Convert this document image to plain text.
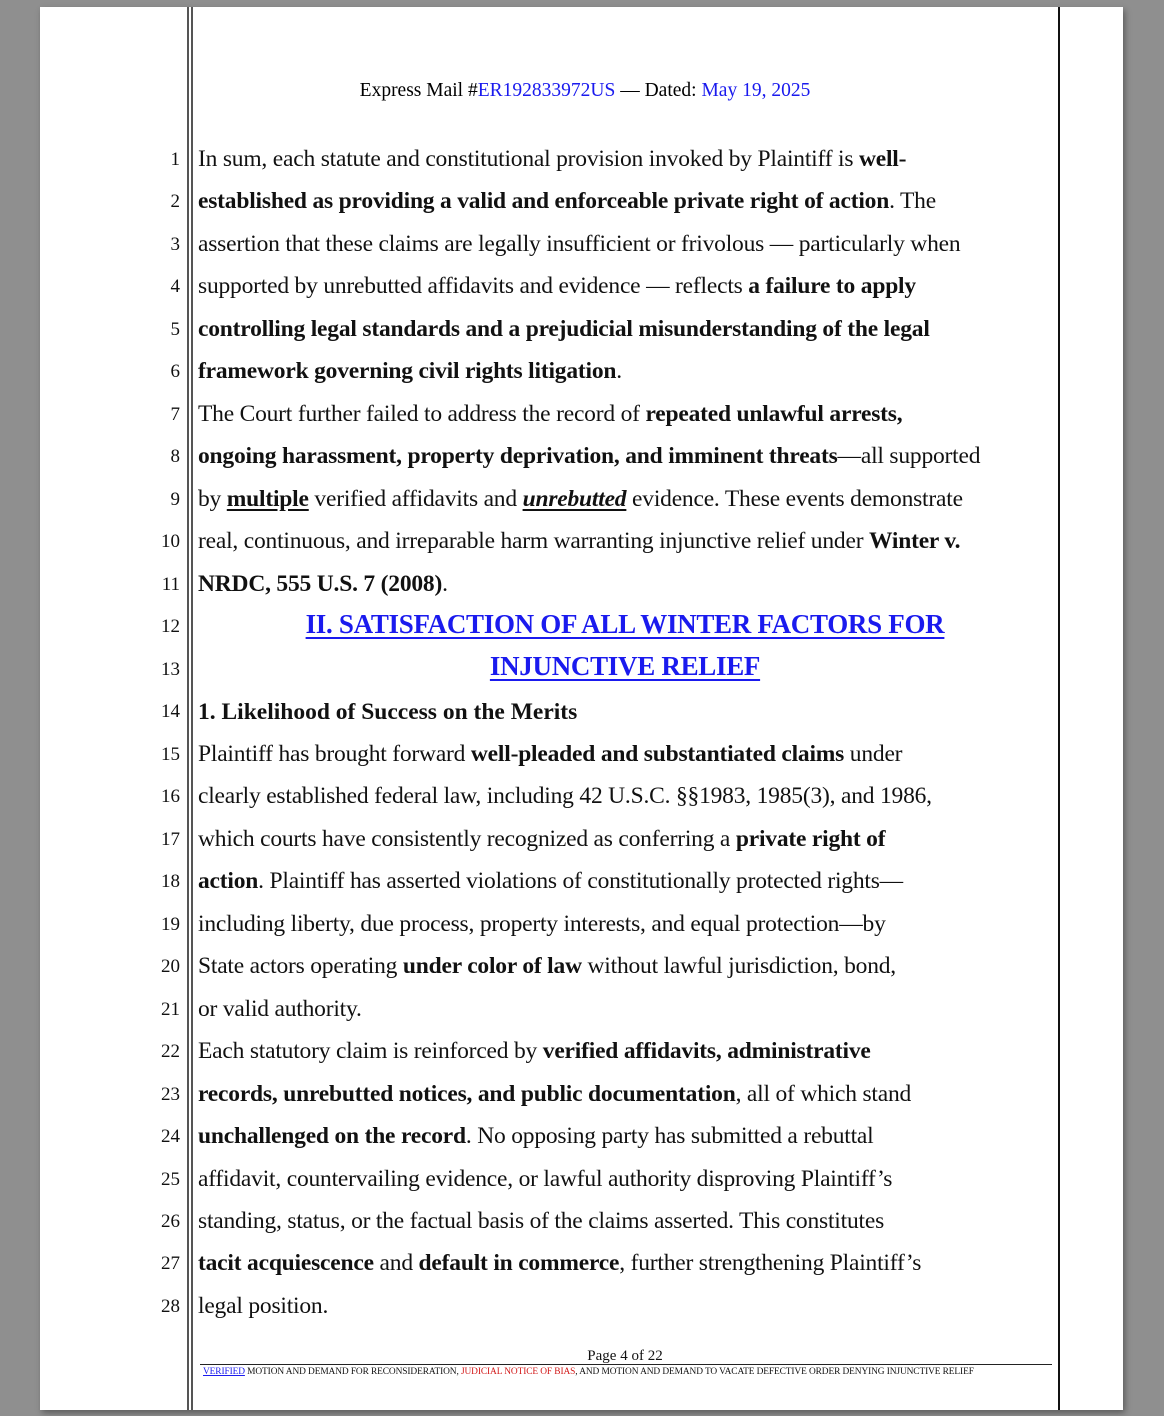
Express Mail #ER192833972US — Dated: May 19, 2025
1
2
3
4
5
6
7
8
9
10
11
12
13
14
15
16
17
18
19
20
21
22
23
24
25
26
27
28
In sum, each statute and constitutional provision invoked by Plaintiff is well-
established as providing a valid and enforceable private right of action. The
assertion that these claims are legally insufficient or frivolous — particularly when
supported by unrebutted affidavits and evidence — reflects a failure to apply
controlling legal standards and a prejudicial misunderstanding of the legal
framework governing civil rights litigation.
The Court further failed to address the record of repeated unlawful arrests,
ongoing harassment, property deprivation, and imminent threats—all supported
by multiple verified affidavits and unrebutted evidence. These events demonstrate
real, continuous, and irreparable harm warranting injunctive relief under Winter v.
NRDC, 555 U.S. 7 (2008).
II. SATISFACTION OF ALL WINTER FACTORS FOR
INJUNCTIVE RELIEF
1. Likelihood of Success on the Merits
Plaintiff has brought forward well-pleaded and substantiated claims under
clearly established federal law, including 42 U.S.C. §§1983, 1985(3), and 1986,
which courts have consistently recognized as conferring a private right of
action. Plaintiff has asserted violations of constitutionally protected rights—
including liberty, due process, property interests, and equal protection—by
State actors operating under color of law without lawful jurisdiction, bond,
or valid authority.
Each statutory claim is reinforced by verified affidavits, administrative
records, unrebutted notices, and public documentation, all of which stand
unchallenged on the record. No opposing party has submitted a rebuttal
affidavit, countervailing evidence, or lawful authority disproving Plaintiff’s
standing, status, or the factual basis of the claims asserted. This constitutes
tacit acquiescence and default in commerce, further strengthening Plaintiff’s
legal position.
Page 4 of 22
VERIFIED MOTION AND DEMAND FOR RECONSIDERATION, JUDICIAL NOTICE OF BIAS, AND MOTION AND DEMAND TO VACATE DEFECTIVE ORDER DENYING INJUNCTIVE RELIEF
